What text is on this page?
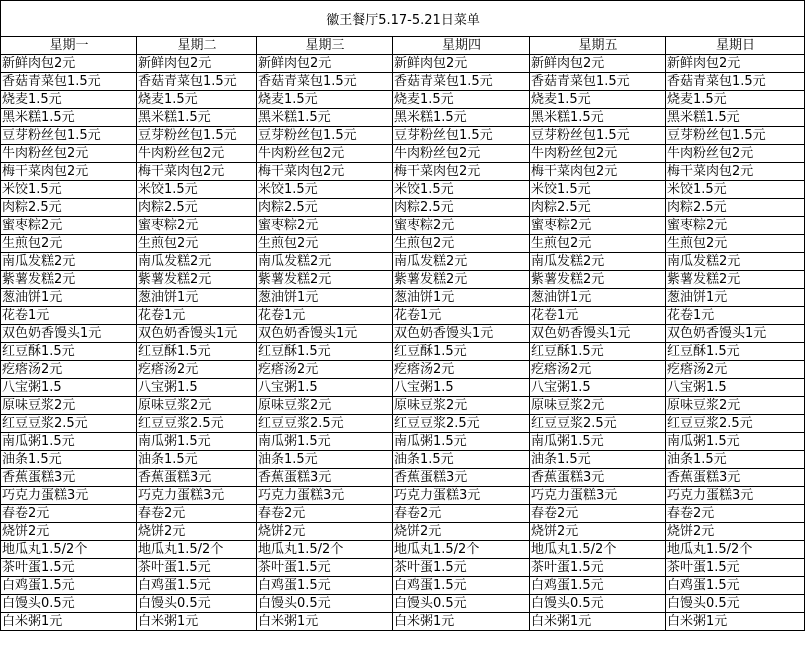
徽王餐厅5.17-5.21日菜单					
星期一	星期二	星期三	星期四	星期五	星期日
新鲜肉包2元	新鲜肉包2元	新鲜肉包2元	新鲜肉包2元	新鲜肉包2元	新鲜肉包2元
香菇青菜包1.5元	香菇青菜包1.5元	香菇青菜包1.5元	香菇青菜包1.5元	香菇青菜包1.5元	香菇青菜包1.5元
烧麦1.5元	烧麦1.5元	烧麦1.5元	烧麦1.5元	烧麦1.5元	烧麦1.5元
黑米糕1.5元	黑米糕1.5元	黑米糕1.5元	黑米糕1.5元	黑米糕1.5元	黑米糕1.5元
豆芽粉丝包1.5元	豆芽粉丝包1.5元	豆芽粉丝包1.5元	豆芽粉丝包1.5元	豆芽粉丝包1.5元	豆芽粉丝包1.5元
牛肉粉丝包2元	牛肉粉丝包2元	牛肉粉丝包2元	牛肉粉丝包2元	牛肉粉丝包2元	牛肉粉丝包2元
梅干菜肉包2元	梅干菜肉包2元	梅干菜肉包2元	梅干菜肉包2元	梅干菜肉包2元	梅干菜肉包2元
米饺1.5元	米饺1.5元	米饺1.5元	米饺1.5元	米饺1.5元	米饺1.5元
肉粽2.5元	肉粽2.5元	肉粽2.5元	肉粽2.5元	肉粽2.5元	肉粽2.5元
蜜枣粽2元	蜜枣粽2元	蜜枣粽2元	蜜枣粽2元	蜜枣粽2元	蜜枣粽2元
生煎包2元	生煎包2元	生煎包2元	生煎包2元	生煎包2元	生煎包2元
南瓜发糕2元	南瓜发糕2元	南瓜发糕2元	南瓜发糕2元	南瓜发糕2元	南瓜发糕2元
紫薯发糕2元	紫薯发糕2元	紫薯发糕2元	紫薯发糕2元	紫薯发糕2元	紫薯发糕2元
葱油饼1元	葱油饼1元	葱油饼1元	葱油饼1元	葱油饼1元	葱油饼1元
花卷1元	花卷1元	花卷1元	花卷1元	花卷1元	花卷1元
双色奶香馒头1元	双色奶香馒头1元	双色奶香馒头1元	双色奶香馒头1元	双色奶香馒头1元	双色奶香馒头1元
红豆酥1.5元	红豆酥1.5元	红豆酥1.5元	红豆酥1.5元	红豆酥1.5元	红豆酥1.5元
疙瘩汤2元	疙瘩汤2元	疙瘩汤2元	疙瘩汤2元	疙瘩汤2元	疙瘩汤2元
八宝粥1.5	八宝粥1.5	八宝粥1.5	八宝粥1.5	八宝粥1.5	八宝粥1.5
原味豆浆2元	原味豆浆2元	原味豆浆2元	原味豆浆2元	原味豆浆2元	原味豆浆2元
红豆豆浆2.5元	红豆豆浆2.5元	红豆豆浆2.5元	红豆豆浆2.5元	红豆豆浆2.5元	红豆豆浆2.5元
南瓜粥1.5元	南瓜粥1.5元	南瓜粥1.5元	南瓜粥1.5元	南瓜粥1.5元	南瓜粥1.5元
油条1.5元	油条1.5元	油条1.5元	油条1.5元	油条1.5元	油条1.5元
香蕉蛋糕3元	香蕉蛋糕3元	香蕉蛋糕3元	香蕉蛋糕3元	香蕉蛋糕3元	香蕉蛋糕3元
巧克力蛋糕3元	巧克力蛋糕3元	巧克力蛋糕3元	巧克力蛋糕3元	巧克力蛋糕3元	巧克力蛋糕3元
春卷2元	春卷2元	春卷2元	春卷2元	春卷2元	春卷2元
烧饼2元	烧饼2元	烧饼2元	烧饼2元	烧饼2元	烧饼2元
地瓜丸1.5/2个	地瓜丸1.5/2个	地瓜丸1.5/2个	地瓜丸1.5/2个	地瓜丸1.5/2个	地瓜丸1.5/2个
茶叶蛋1.5元	茶叶蛋1.5元	茶叶蛋1.5元	茶叶蛋1.5元	茶叶蛋1.5元	茶叶蛋1.5元
白鸡蛋1.5元	白鸡蛋1.5元	白鸡蛋1.5元	白鸡蛋1.5元	白鸡蛋1.5元	白鸡蛋1.5元
白馒头0.5元	白馒头0.5元	白馒头0.5元	白馒头0.5元	白馒头0.5元	白馒头0.5元
白米粥1元	白米粥1元	白米粥1元	白米粥1元	白米粥1元	白米粥1元
